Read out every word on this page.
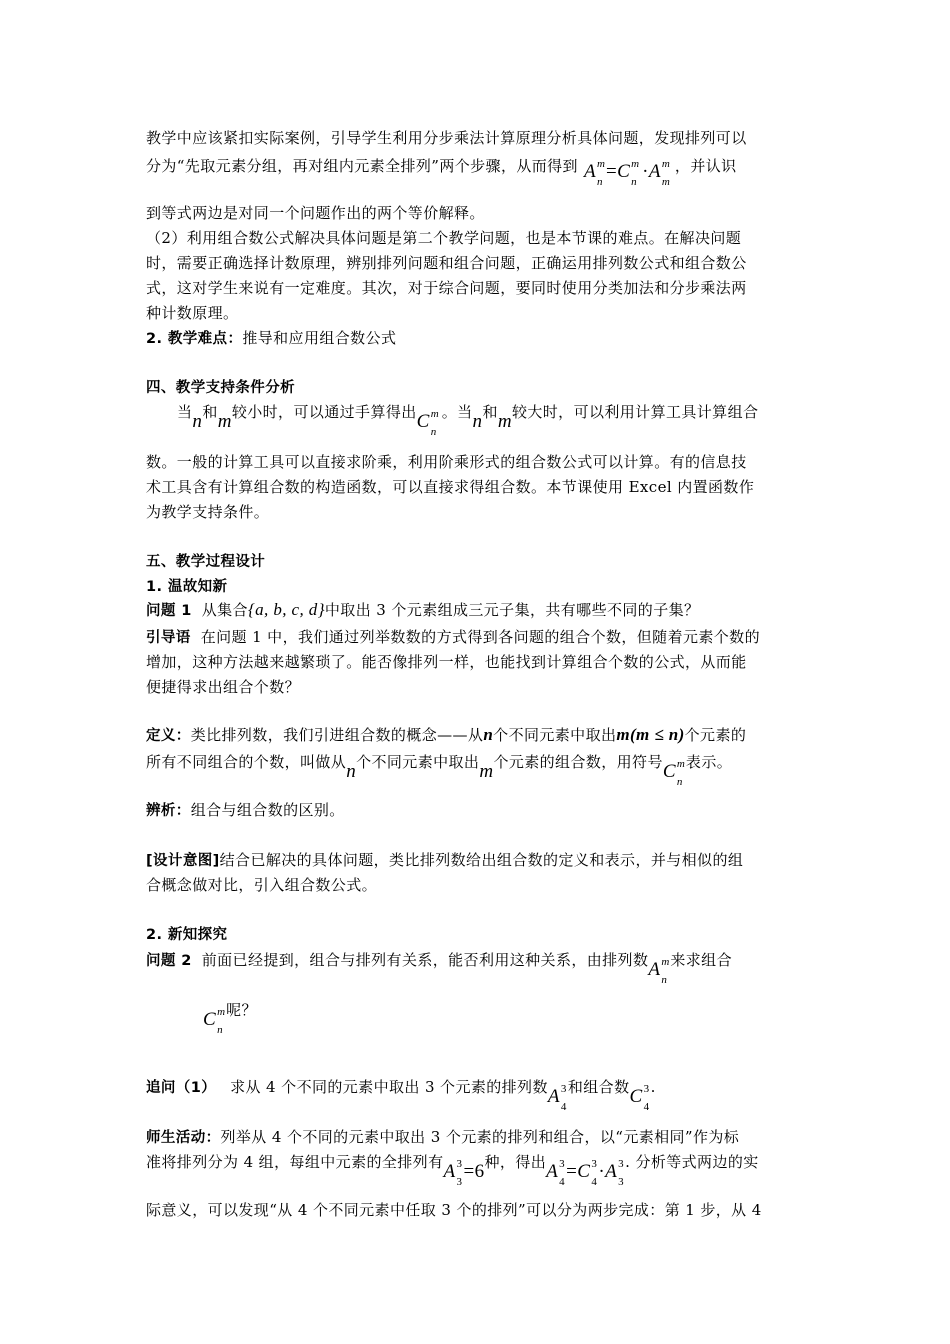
教学中应该紧扣实际案例，引导学生利用分步乘法计算原理分析具体问题，发现排列可以
分为“先取元素分组，再对组内元素全排列”两个步骤，从而得到 A m
n =C m
n ·A m
m
，并认识
到等式两边是对同一个问题作出的两个等价解释。
（2）利用组合数公式解决具体问题是第二个教学问题，也是本节课的难点。在解决问题
时，需要正确选择计数原理，辨别排列问题和组合问题，正确运用排列数公式和组合数公
式，这对学生来说有一定难度。其次，对于综合问题，要同时使用分类加法和分步乘法两
种计数原理。
2. 教学难点：推导和应用组合数公式
四、教学支持条件分析
当n和m较小时，可以通过手算得出C m
n
。当n和m较大时，可以利用计算工具计算组合
数。一般的计算工具可以直接求阶乘，利用阶乘形式的组合数公式可以计算。有的信息技
术工具含有计算组合数的构造函数，可以直接求得组合数。本节课使用 Excel 内置函数作
为教学支持条件。
五、教学过程设计
1. 温故知新
问题 1 从集合{a, b, c, d}中取出 3 个元素组成三元子集，共有哪些不同的子集？
引导语 在问题 1 中，我们通过列举数数的方式得到各问题的组合个数，但随着元素个数的
增加，这种方法越来越繁琐了。能否像排列一样，也能找到计算组合个数的公式，从而能
便捷得求出组合个数？
定义：类比排列数，我们引进组合数的概念——从n个不同元素中取出m(m ≤ n)个元素的
所有不同组合的个数，叫做从n个不同元素中取出m个元素的组合数，用符号C m
n
表示。
辨析：组合与组合数的区别。
[设计意图]结合已解决的具体问题，类比排列数给出组合数的定义和表示，并与相似的组
合概念做对比，引入组合数公式。
2. 新知探究
问题 2 前面已经提到，组合与排列有关系，能否利用这种关系，由排列数A m
n
来求组合
C m
n
呢？
追问（1） 求从 4 个不同的元素中取出 3 个元素的排列数A 3
4
和组合数C 3
4
.
师生活动：列举从 4 个不同的元素中取出 3 个元素的排列和组合，以“元素相同”作为标
准将排列分为 4 组，每组中元素的全排列有A 3
3 =6种，得出A 3
4 =C 3
4 ·A 3
3
. 分析等式两边的实
际意义，可以发现“从 4 个不同元素中任取 3 个的排列”可以分为两步完成：第 1 步，从 4
